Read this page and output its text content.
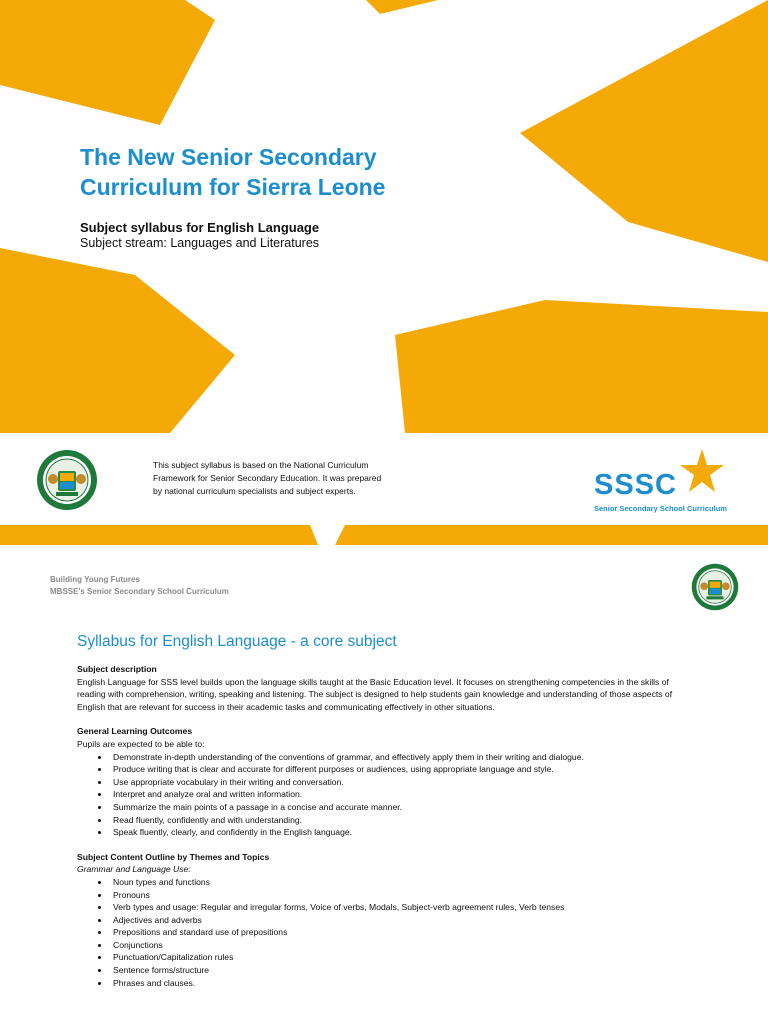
The New Senior Secondary
Curriculum for Sierra Leone

Subject syllabus for English Language

Subject stream: Languages and Literatures

This subject syllabus is based on the National Curriculum
Framework for Senior Secondary Education. It was prepared
by national curriculum specialists and subject experts.	SSSC
Senior Secondary School Curriculum

Building Young Futures

MBSSE's Senior Secondary School Curriculum

Syllabus for English Language - a core subject
Subject description

English Language for SSS level builds upon the language skills taught at the Basic Education level. It focuses on strengthening competencies in the skills of reading with comprehension, writing, speaking and listening. The subject is designed to help students gain knowledge and understanding of those aspects of English that are relevant for success in their academic tasks and communicating effectively in other situations.

General Learning Outcomes

Pupils are expected to be able to:

• Demonstrate in-depth understanding of the conventions of grammar, and effectively apply them in their writing and dialogue.
• Produce writing that is clear and accurate for different purposes or audiences, using appropriate language and style.
• Use appropriate vocabulary in their writing and conversation.
• Interpret and analyze oral and written information.
• Summarize the main points of a passage in a concise and accurate manner.
• Read fluently, confidently and with understanding.
• Speak fluently, clearly, and confidently in the English language.
Subject Content Outline by Themes and Topics

Grammar and Language Use:

• Noun types and functions
• Pronouns
• Verb types and usage: Regular and irregular forms, Voice of verbs, Modals, Subject-verb agreement rules, Verb tenses
• Adjectives and adverbs
• Prepositions and standard use of prepositions
• Conjunctions
• Punctuation/Capitalization rules
• Sentence forms/structure
• Phrases and clauses.
